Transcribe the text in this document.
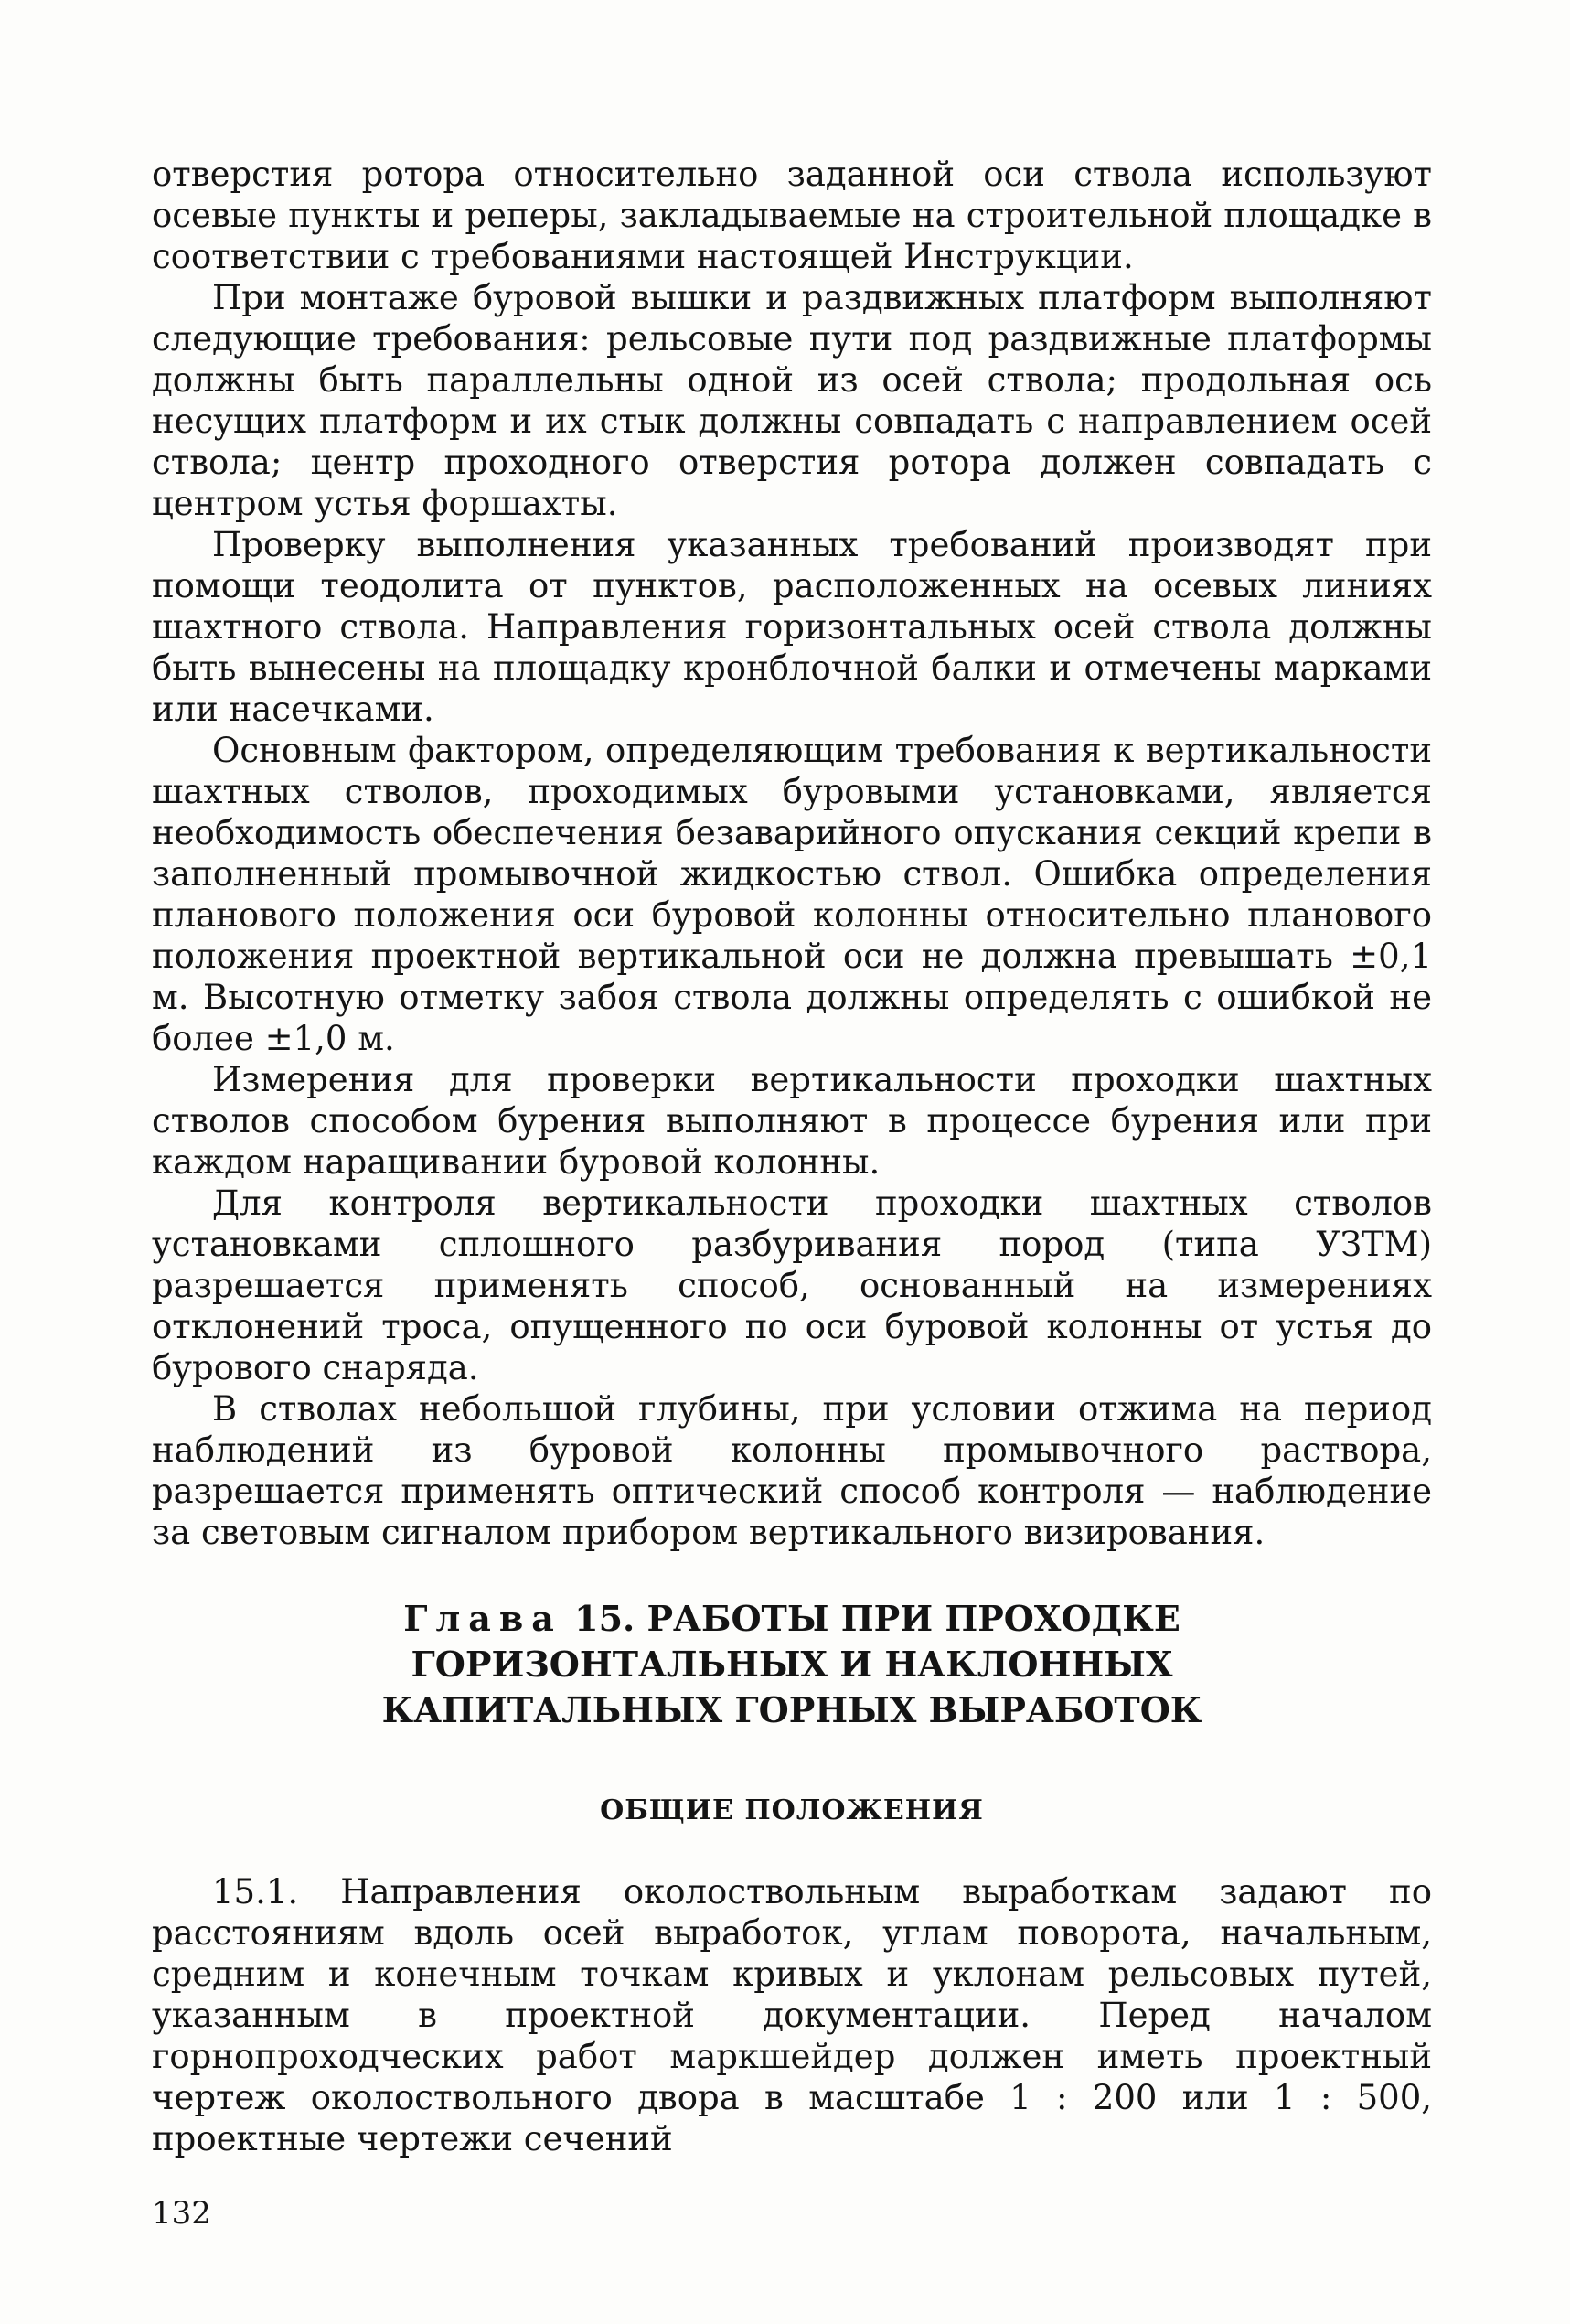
отверстия ротора относительно заданной оси ствола используют осевые пункты и реперы, закладываемые на строительной площадке в соответствии с требованиями настоящей Инструкции.

При монтаже буровой вышки и раздвижных платформ выполняют следующие требования: рельсовые пути под раздвижные платформы должны быть параллельны одной из осей ствола; продольная ось несущих платформ и их стык должны совпадать с направлением осей ствола; центр проходного отверстия ротора должен совпадать с центром устья форшахты.

Проверку выполнения указанных требований производят при помощи теодолита от пунктов, расположенных на осевых линиях шахтного ствола. Направления горизонтальных осей ствола должны быть вынесены на площадку кронблочной балки и отмечены марками или насечками.

Основным фактором, определяющим требования к вертикальности шахтных стволов, проходимых буровыми установками, является необходимость обеспечения безаварийного опускания секций крепи в заполненный промывочной жидкостью ствол. Ошибка определения планового положения оси буровой колонны относительно планового положения проектной вертикальной оси не должна превышать ±0,1 м. Высотную отметку забоя ствола должны определять с ошибкой не более ±1,0 м.

Измерения для проверки вертикальности проходки шахтных стволов способом бурения выполняют в процессе бурения или при каждом наращивании буровой колонны.

Для контроля вертикальности проходки шахтных стволов установками сплошного разбуривания пород (типа УЗТМ) разрешается применять способ, основанный на измерениях отклонений троса, опущенного по оси буровой колонны от устья до бурового снаряда.

В стволах небольшой глубины, при условии отжима на период наблюдений из буровой колонны промывочного раствора, разрешается применять оптический способ контроля — наблюдение за световым сигналом прибором вертикального визирования.

Глава 15. РАБОТЫ ПРИ ПРОХОДКЕ
ГОРИЗОНТАЛЬНЫХ И НАКЛОННЫХ
КАПИТАЛЬНЫХ ГОРНЫХ ВЫРАБОТОК
ОБЩИЕ ПОЛОЖЕНИЯ

15.1. Направления околоствольным выработкам задают по расстояниям вдоль осей выработок, углам поворота, начальным, средним и конечным точкам кривых и уклонам рельсовых путей, указанным в проектной документации. Перед началом горнопроходческих работ маркшейдер должен иметь проектный чертеж околоствольного двора в масштабе 1 : 200 или 1 : 500, проектные чертежи сечений

132
